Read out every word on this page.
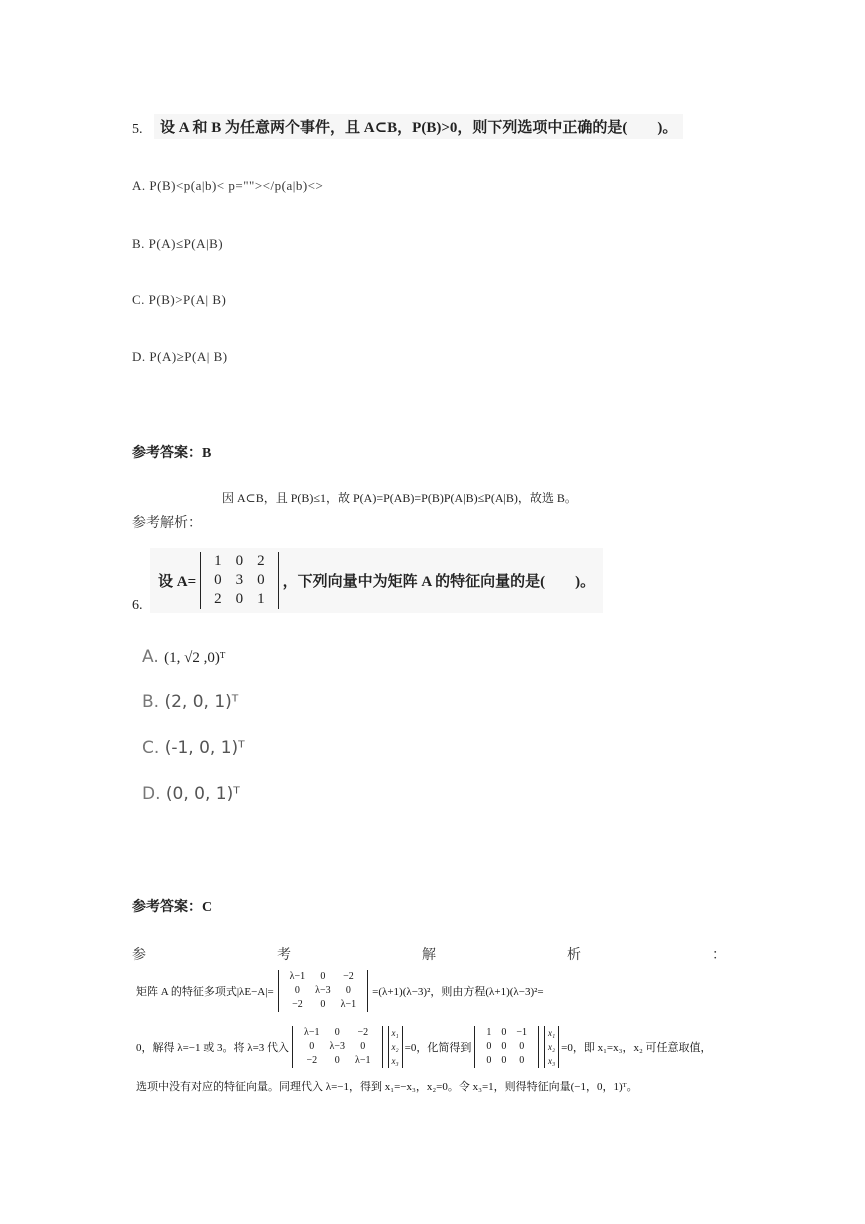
5.	设 A 和 B 为任意两个事件，且 A⊂B，P(B)>0，则下列选项中正确的是(　　)。
A. P(B)<p(a|b)< p=""></p(a|b)<>
B. P(A)≤P(A|B)
C. P(B)>P(A| B)
D. P(A)≥P(A| B)
参考答案：B
因 A⊂B，且 P(B)≤1，故 P(A)=P(AB)=P(B)P(A|B)≤P(A|B)，故选 B。
参考解析：
6.
设 A=
1	0	2
0	3	0
2	0	1
，下列向量中为矩阵 A 的特征向量的是(　　)。
A. (1, √2 ,0)ᵀ
B. (2, 0, 1)ᵀ
C. (-1, 0, 1)ᵀ
D. (0, 0, 1)ᵀ
参考答案：C
参	考	解	析	：
矩阵 A 的特征多项式|λE−A|=
λ−1	0	−2
0	λ−3	0
−2	0	λ−1
=(λ+1)(λ−3)²，则由方程(λ+1)(λ−3)²=
0，解得 λ=−1 或 3。将 λ=3 代入
λ−1	0	−2
0	λ−3	0
−2	0	λ−1
x₁
x₂
x₃
=0，化简得到
1	0	−1
0	0	0
0	0	0
x₁
x₂
x₃
=0，即 x₁=x₃，x₂ 可任意取值，
选项中没有对应的特征向量。同理代入 λ=−1，得到 x₁=−x₃，x₂=0。令 x₃=1，则得特征向量(−1，0，1)ᵀ。
